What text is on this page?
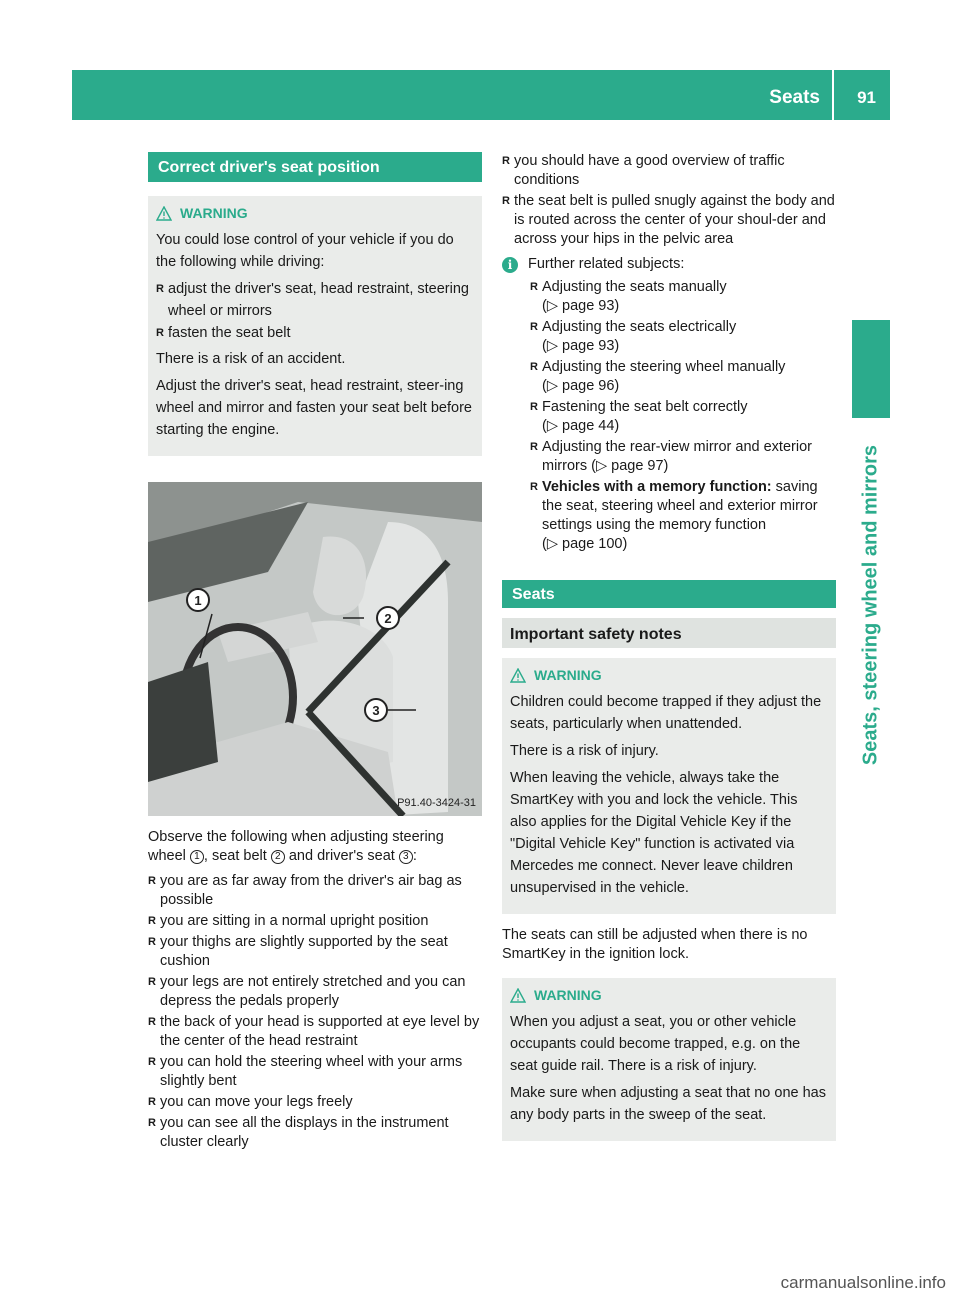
Seats 91
Seats, steering wheel and mirrors
Correct driver's seat position
WARNING

You could lose control of your vehicle if you do the following while driving:

R adjust the driver's seat, head restraint, steering wheel or mirrors
R fasten the seat belt

There is a risk of an accident.

Adjust the driver's seat, head restraint, steer-ing wheel and mirror and fasten your seat belt before starting the engine.

1
2
3
P91.40-3424-31

Observe the following when adjusting steering wheel 1 , seat belt 2 and driver's seat 3 :

R you are as far away from the driver's air bag as possible
R you are sitting in a normal upright position
R your thighs are slightly supported by the seat cushion
R your legs are not entirely stretched and you can depress the pedals properly
R the back of your head is supported at eye level by the center of the head restraint
R you can hold the steering wheel with your arms slightly bent
R you can move your legs freely
R you can see all the displays in the instrument cluster clearly
R you should have a good overview of traffic conditions
R the seat belt is pulled snugly against the body and is routed across the center of your shoul-der and across your hips in the pelvic area
i	Further related subjects:
R Adjusting the seats manually
(▷ page 93)
R Adjusting the seats electrically
(▷ page 93)
R Adjusting the steering wheel manually
(▷ page 96)
R Fastening the seat belt correctly
(▷ page 44)
R Adjusting the rear-view mirror and exterior mirrors (▷ page 97)
R Vehicles with a memory function: saving the seat, steering wheel and exterior mirror settings using the memory function
(▷ page 100)
Seats
Important safety notes
WARNING

Children could become trapped if they adjust the seats, particularly when unattended.

There is a risk of injury.

When leaving the vehicle, always take the SmartKey with you and lock the vehicle. This also applies for the Digital Vehicle Key if the "Digital Vehicle Key" function is activated via Mercedes me connect. Never leave children unsupervised in the vehicle.

The seats can still be adjusted when there is no SmartKey in the ignition lock.

WARNING

When you adjust a seat, you or other vehicle occupants could become trapped, e.g. on the seat guide rail. There is a risk of injury.

Make sure when adjusting a seat that no one has any body parts in the sweep of the seat.

carmanualsonline.info
